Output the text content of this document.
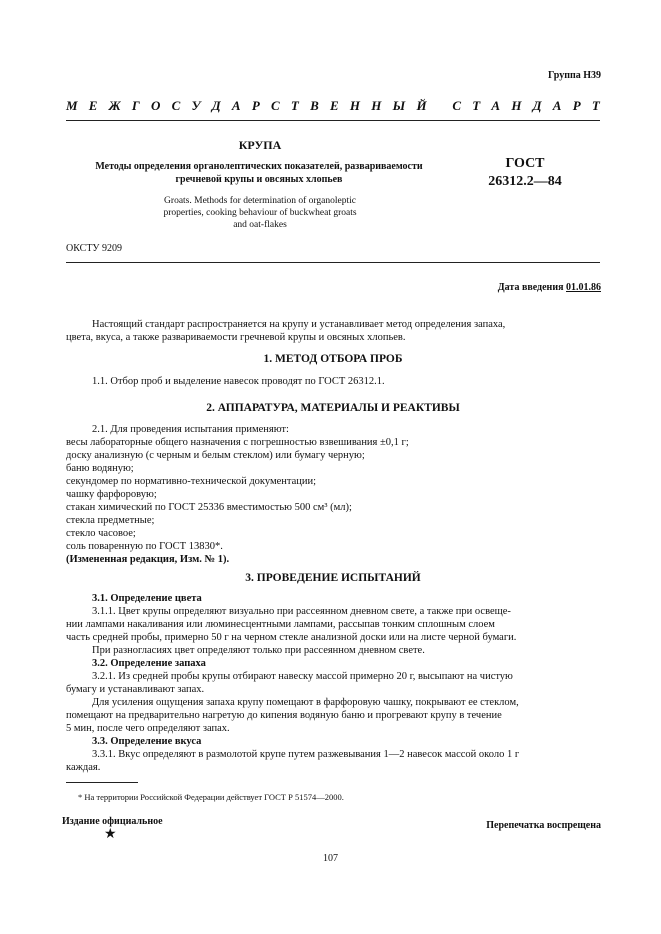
Группа Н39
М Е Ж Г О С У Д А Р С Т В Е Н Н Ы Й
С Т А Н Д А Р Т
КРУПА
Методы определения органолептических показателей, развариваемости
гречневой крупы и овсяных хлопьев
ГОСТ
26312.2—84
Groats. Methods for determination of organoleptic
properties, cooking behaviour of buckwheat groats
and oat-flakes
ОКСТУ 9209
Дата введения 01.01.86
Настоящий стандарт распространяется на крупу и устанавливает метод определения запаха,
цвета, вкуса, а также развариваемости гречневой крупы и овсяных хлопьев.
1. МЕТОД ОТБОРА ПРОБ
1.1. Отбор проб и выделение навесок проводят по ГОСТ 26312.1.
2. АППАРАТУРА, МАТЕРИАЛЫ И РЕАКТИВЫ
2.1. Для проведения испытания применяют:
весы лабораторные общего назначения с погрешностью взвешивания ±0,1 г;
доску анализную (с черным и белым стеклом) или бумагу черную;
баню водяную;
секундомер по нормативно-технической документации;
чашку фарфоровую;
стакан химический по ГОСТ 25336 вместимостью 500 см³ (мл);
стекла предметные;
стекло часовое;
соль поваренную по ГОСТ 13830*.
(Измененная редакция, Изм. № 1).
3. ПРОВЕДЕНИЕ ИСПЫТАНИЙ
3.1. Определение цвета
3.1.1. Цвет крупы определяют визуально при рассеянном дневном свете, а также при освеще-
нии лампами накаливания или люминесцентными лампами, рассыпав тонким сплошным слоем
часть средней пробы, примерно 50 г на черном стекле анализной доски или на листе черной бумаги.
При разногласиях цвет определяют только при рассеянном дневном свете.
3.2. Определение запаха
3.2.1. Из средней пробы крупы отбирают навеску массой примерно 20 г, высыпают на чистую
бумагу и устанавливают запах.
Для усиления ощущения запаха крупу помещают в фарфоровую чашку, покрывают ее стеклом,
помещают на предварительно нагретую до кипения водяную баню и прогревают крупу в течение
5 мин, после чего определяют запах.
3.3. Определение вкуса
3.3.1. Вкус определяют в размолотой крупе путем разжевывания 1—2 навесок массой около 1 г
каждая.
* На территории Российской Федерации действует ГОСТ Р 51574—2000.
Издание официальное
★
Перепечатка воспрещена
107
